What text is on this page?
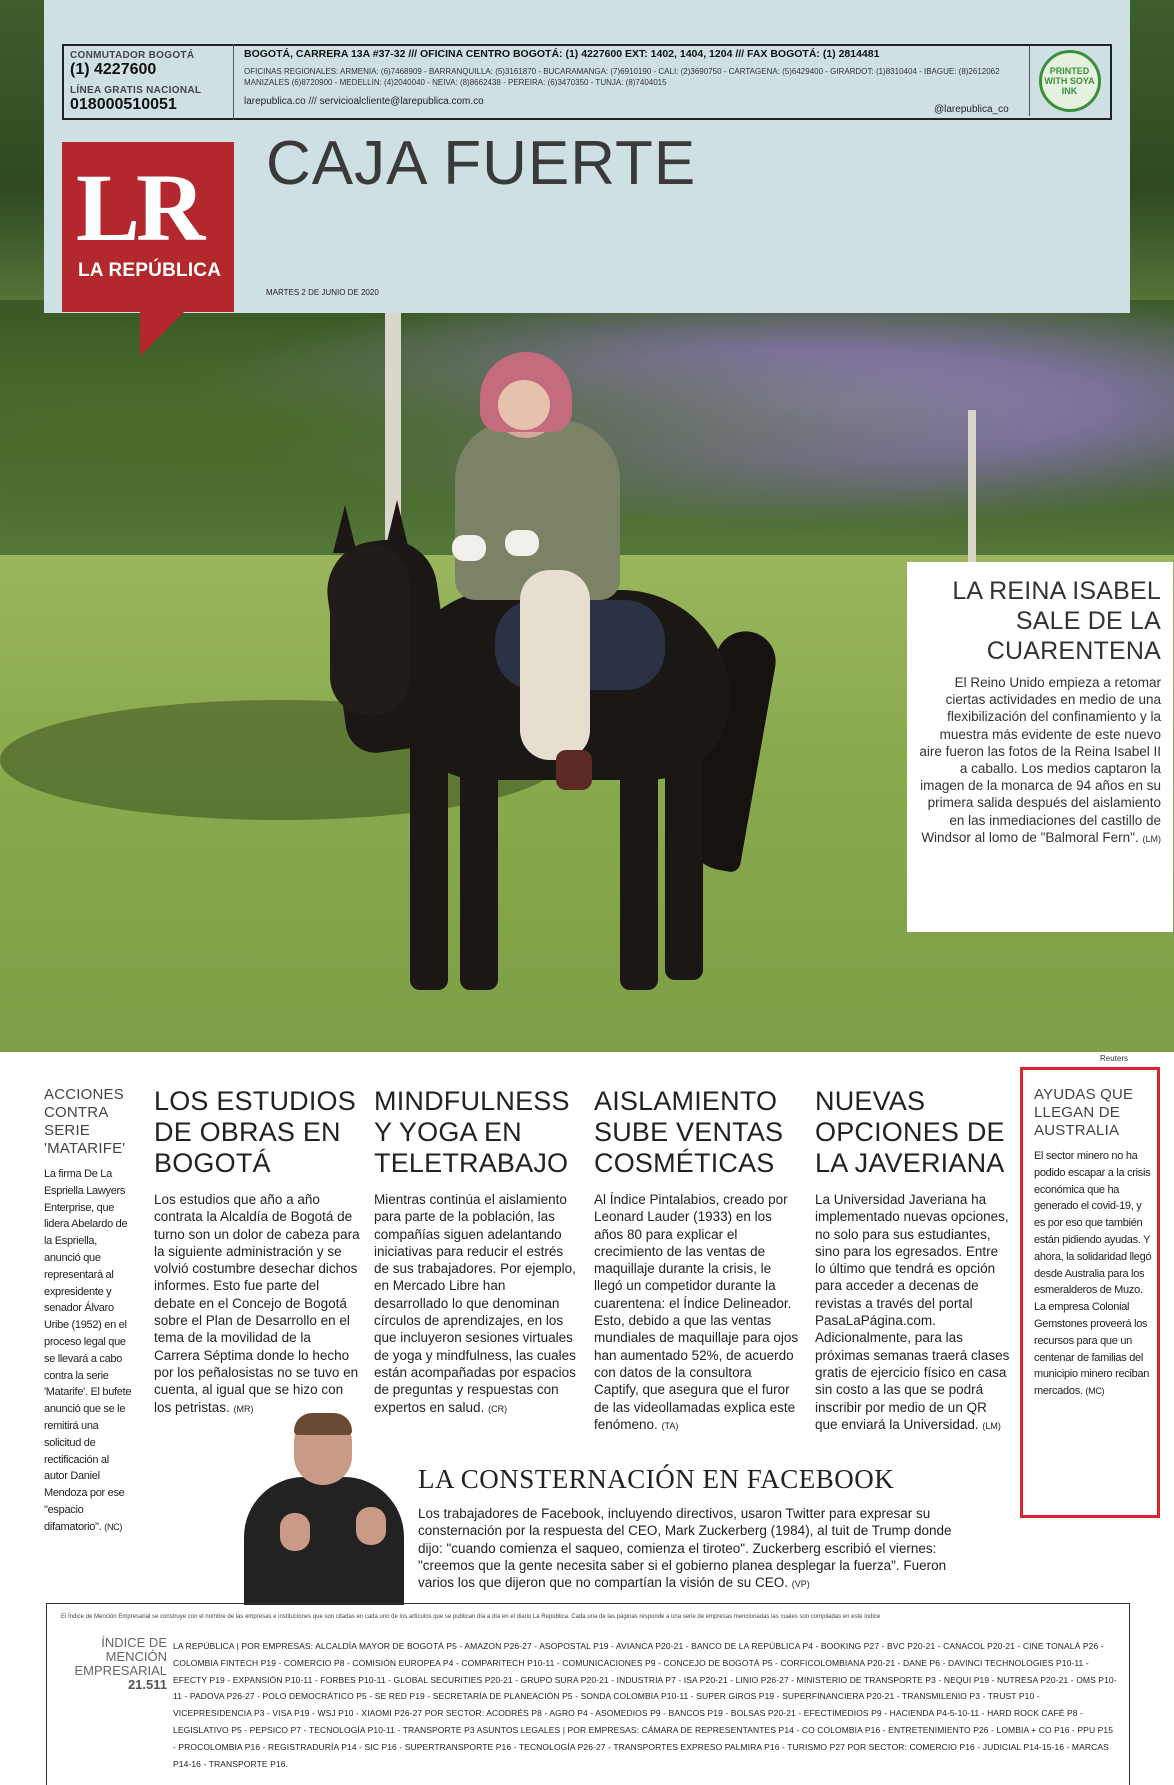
CONMUTADOR BOGOTÁ
(1) 4227600
LÍNEA GRATIS NACIONAL
018000510051
BOGOTÁ, CARRERA 13A #37-32 /// OFICINA CENTRO BOGOTÁ: (1) 4227600 EXT: 1402, 1404, 1204 /// FAX BOGOTÁ: (1) 2814481
OFICINAS REGIONALES: ARMENIA: (6)7468909 - BARRANQUILLA: (5)3161870 - BUCARAMANGA: (7)6910190 - CALI: (2)3690750 - CARTAGENA: (5)6429400 - GIRARDOT: (1)8310404 - IBAGUE: (8)2612062 MANIZALES (6)8720900 - MEDELLIN: (4)2040040 - NEIVA: (8)8662438 - PEREIRA: (6)3470350 - TUNJA: (8)7404015
larepublica.co /// servicioalcliente@larepublica.com.co
@larepublica_co
PRINTED WITH SOYA INK
CAJA FUERTE
MARTES 2 DE JUNIO DE 2020
LR
LA REPÚBLICA
LA REINA ISABEL SALE DE LA CUARENTENA

El Reino Unido empieza a retomar ciertas actividades en medio de una flexibilización del confinamiento y la muestra más evidente de este nuevo aire fueron las fotos de la Reina Isabel II a caballo. Los medios captaron la imagen de la monarca de 94 años en su primera salida después del aislamiento en las inmediaciones del castillo de Windsor al lomo de "Balmoral Fern". (LM)

Reuters
ACCIONES CONTRA SERIE 'MATARIFE'

La firma De La Espriella Lawyers Enterprise, que lidera Abelardo de la Espriella, anunció que representará al expresidente y senador Álvaro Uribe (1952) en el proceso legal que se llevará a cabo contra la serie 'Matarife'. El bufete anunció que se le remitirá una solicitud de rectificación al autor Daniel Mendoza por ese "espacio difamatorio". (NC)

LOS ESTUDIOS DE OBRAS EN BOGOTÁ

Los estudios que año a año contrata la Alcaldía de Bogotá de turno son un dolor de cabeza para la siguiente administración y se volvió costumbre desechar dichos informes. Esto fue parte del debate en el Concejo de Bogotá sobre el Plan de Desarrollo en el tema de la movilidad de la Carrera Séptima donde lo hecho por los peñalosistas no se tuvo en cuenta, al igual que se hizo con los petristas. (MR)

MINDFULNESS Y YOGA EN TELETRABAJO

Mientras continúa el aislamiento para parte de la población, las compañías siguen adelantando iniciativas para reducir el estrés de sus trabajadores. Por ejemplo, en Mercado Libre han desarrollado lo que denominan círculos de aprendizajes, en los que incluyeron sesiones virtuales de yoga y mindfulness, las cuales están acompañadas por espacios de preguntas y respuestas con expertos en salud. (CR)

AISLAMIENTO SUBE VENTAS COSMÉTICAS

Al Índice Pintalabios, creado por Leonard Lauder (1933) en los años 80 para explicar el crecimiento de las ventas de maquillaje durante la crisis, le llegó un competidor durante la cuarentena: el Índice Delineador. Esto, debido a que las ventas mundiales de maquillaje para ojos han aumentado 52%, de acuerdo con datos de la consultora Captify, que asegura que el furor de las videollamadas explica este fenómeno. (TA)

NUEVAS OPCIONES DE LA JAVERIANA

La Universidad Javeriana ha implementado nuevas opciones, no solo para sus estudiantes, sino para los egresados. Entre lo último que tendrá es opción para acceder a decenas de revistas a través del portal PasaLaPágina.com. Adicionalmente, para las próximas semanas traerá clases gratis de ejercicio físico en casa sin costo a las que se podrá inscribir por medio de un QR que enviará la Universidad. (LM)

AYUDAS QUE LLEGAN DE AUSTRALIA

El sector minero no ha podido escapar a la crisis económica que ha generado el covid-19, y es por eso que también están pidiendo ayudas. Y ahora, la solidaridad llegó desde Australia para los esmeralderos de Muzo. La empresa Colonial Gemstones proveerá los recursos para que un centenar de familias del municipio minero reciban mercados. (MC)

LA CONSTERNACIÓN EN FACEBOOK

Los trabajadores de Facebook, incluyendo directivos, usaron Twitter para expresar su consternación por la respuesta del CEO, Mark Zuckerberg (1984), al tuit de Trump donde dijo: "cuando comienza el saqueo, comienza el tiroteo". Zuckerberg escribió el viernes: "creemos que la gente necesita saber si el gobierno planea desplegar la fuerza". Fueron varios los que dijeron que no compartían la visión de su CEO. (VP)

El Índice de Mención Empresarial se construye con el nombre de las empresas e instituciones que son citadas en cada uno de los artículos que se publican día a día en el diario La República. Cada una de las páginas responde a una serie de empresas mencionadas las cuales son compiladas en este índice
ÍNDICE DE MENCIÓN EMPRESARIAL
21.511
LA REPÚBLICA | POR EMPRESAS: ALCALDÍA MAYOR DE BOGOTÁ P5 - AMAZON P26-27 - ASOPOSTAL P19 - AVIANCA P20-21 - BANCO DE LA REPÚBLICA P4 - BOOKING P27 - BVC P20-21 - CANACOL P20-21 - CINE TONALÁ P26 - COLOMBIA FINTECH P19 - COMERCIO P8 - COMISIÓN EUROPEA P4 - COMPARITECH P10-11 - COMUNICACIONES P9 - CONCEJO DE BOGOTÁ P5 - CORFICOLOMBIANA P20-21 - DANE P6 - DAVINCI TECHNOLOGIES P10-11 - EFECTY P19 - EXPANSIÓN P10-11 - FORBES P10-11 - GLOBAL SECURITIES P20-21 - GRUPO SURA P20-21 - INDUSTRIA P7 - ISA P20-21 - LINIO P26-27 - MINISTERIO DE TRANSPORTE P3 - NEQUI P19 - NUTRESA P20-21 - OMS P10-11 - PADOVA P26-27 - POLO DEMOCRÁTICO P5 - SE RED P19 - SECRETARÍA DE PLANEACIÓN P5 - SONDA COLOMBIA P10-11 - SUPER GIROS P19 - SUPERFINANCIERA P20-21 - TRANSMILENIO P3 - TRUST P10 - VICEPRESIDENCIA P3 - VISA P19 - WSJ P10 - XIAOMI P26-27 POR SECTOR: ACODRÉS P8 - AGRO P4 - ASOMEDIOS P9 - BANCOS P19 - BOLSAS P20-21 - EFECTIMEDIOS P9 - HACIENDA P4-5-10-11 - HARD ROCK CAFÉ P8 - LEGISLATIVO P5 - PEPSICO P7 - TECNOLOGÍA P10-11 - TRANSPORTE P3 ASUNTOS LEGALES | POR EMPRESAS: CÁMARA DE REPRESENTANTES P14 - CO COLOMBIA P16 - ENTRETENIMIENTO P26 - LOMBIA + CO P16 - PPU P15 - PROCOLOMBIA P16 - REGISTRADURÍA P14 - SIC P16 - SUPERTRANSPORTE P16 - TECNOLOGÍA P26-27 - TRANSPORTES EXPRESO PALMIRA P16 - TURISMO P27 POR SECTOR: COMERCIO P16 - JUDICIAL P14-15-16 - MARCAS P14-16 - TRANSPORTE P16.
